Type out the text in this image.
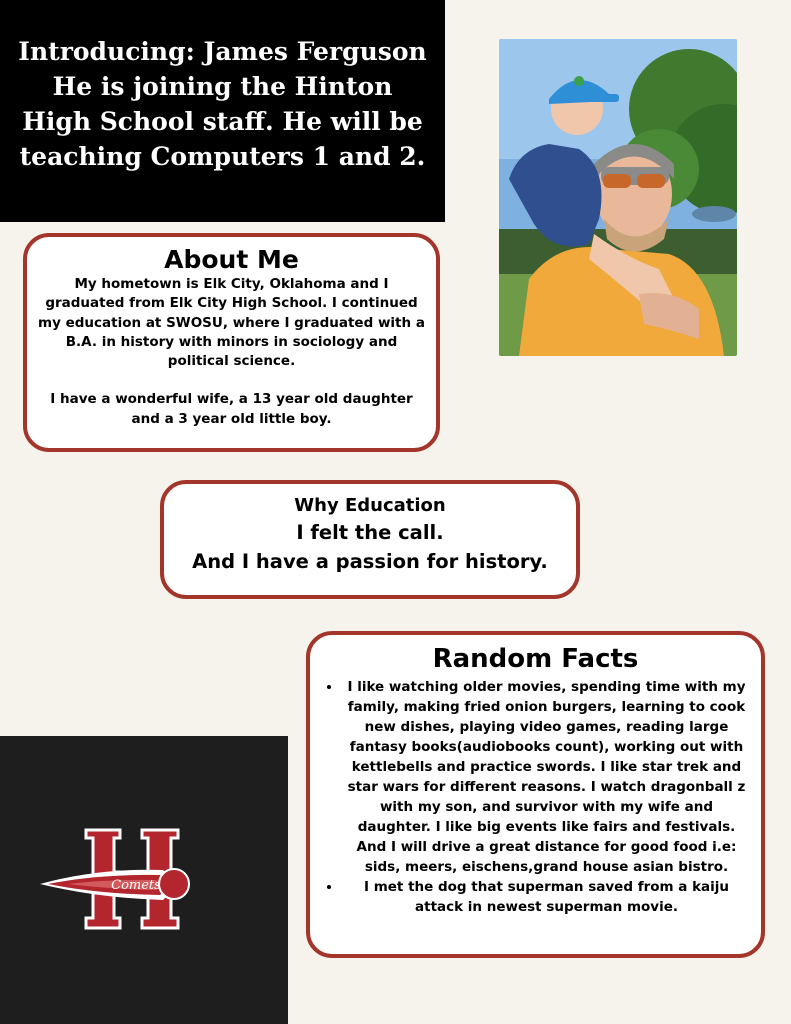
Introducing: James Ferguson
He is joining the Hinton
High School staff. He will be
teaching Computers 1 and 2.
About Me

My hometown is Elk City, Oklahoma and I graduated from Elk City High School. I continued my education at SWOSU, where I graduated with a B.A. in history with minors in sociology and political science.

I have a wonderful wife, a 13 year old daughter and a 3 year old little boy.

Why Education
I felt the call.
And I have a passion for history.
Random Facts
• I like watching older movies, spending time with my family, making fried onion burgers, learning to cook new dishes, playing video games, reading large fantasy books(audiobooks count), working out with kettlebells and practice swords. I like star trek and star wars for different reasons. I watch dragonball z with my son, and survivor with my wife and daughter. I like big events like fairs and festivals. And I will drive a great distance for good food i.e: sids, meers, eischens,grand house asian bistro.
• I met the dog that superman saved from a kaiju attack in newest superman movie.
Comets
